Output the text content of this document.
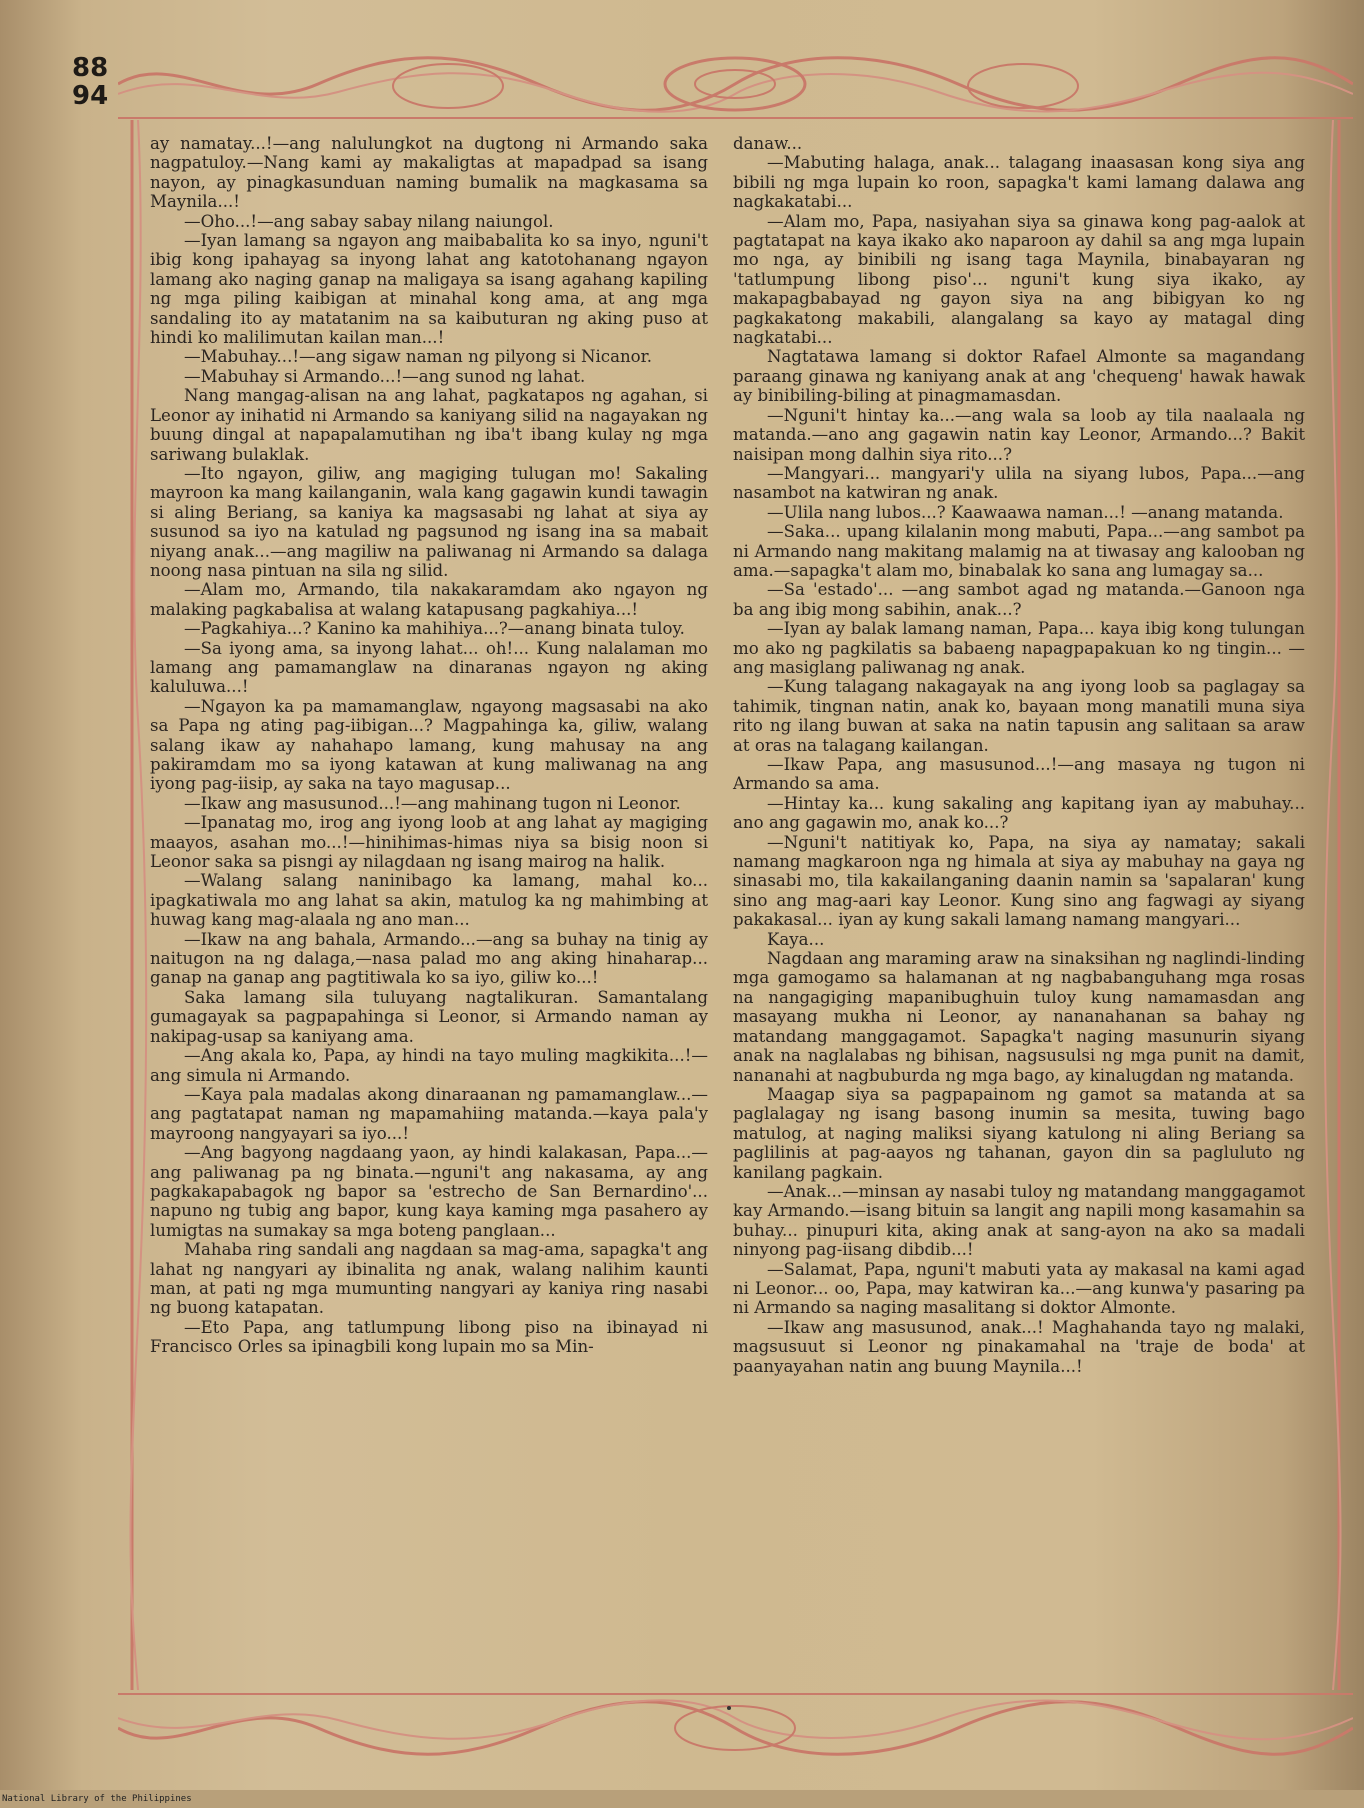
88
94

ay namatay...!—ang nalulungkot na dugtong ni Armando saka nagpatuloy.—Nang kami ay makaligtas at mapadpad sa isang nayon, ay pinagkasunduan naming bumalik na magkasama sa Maynila...!

—Oho...!—ang sabay sabay nilang naiungol.

—Iyan lamang sa ngayon ang maibabalita ko sa inyo, nguni't ibig kong ipahayag sa inyong lahat ang katotohanang ngayon lamang ako naging ganap na maligaya sa isang agahang kapiling ng mga piling kaibigan at minahal kong ama, at ang mga sandaling ito ay matatanim na sa kaibuturan ng aking puso at hindi ko malilimutan kailan man...!

—Mabuhay...!—ang sigaw naman ng pilyong si Nicanor.

—Mabuhay si Armando...!—ang sunod ng lahat.

Nang mangag-alisan na ang lahat, pagkatapos ng agahan, si Leonor ay inihatid ni Armando sa kaniyang silid na nagayakan ng buung dingal at napapalamutihan ng iba't ibang kulay ng mga sariwang bulaklak.

—Ito ngayon, giliw, ang magiging tulugan mo! Sakaling mayroon ka mang kailanganin, wala kang gagawin kundi tawagin si aling Beriang, sa kaniya ka magsasabi ng lahat at siya ay susunod sa iyo na katulad ng pagsunod ng isang ina sa mabait niyang anak...—ang magiliw na paliwanag ni Armando sa dalaga noong nasa pintuan na sila ng silid.

—Alam mo, Armando, tila nakakaramdam ako ngayon ng malaking pagkabalisa at walang katapusang pagkahiya...!

—Pagkahiya...? Kanino ka mahihiya...?—anang binata tuloy.

—Sa iyong ama, sa inyong lahat... oh!... Kung nalalaman mo lamang ang pamamanglaw na dinaranas ngayon ng aking kaluluwa...!

—Ngayon ka pa mamamanglaw, ngayong magsasabi na ako sa Papa ng ating pag-iibigan...? Magpahinga ka, giliw, walang salang ikaw ay nahahapo lamang, kung mahusay na ang pakiramdam mo sa iyong katawan at kung maliwanag na ang iyong pag-iisip, ay saka na tayo magusap...

—Ikaw ang masusunod...!—ang mahinang tugon ni Leonor.

—Ipanatag mo, irog ang iyong loob at ang lahat ay magiging maayos, asahan mo...!—hinihimas-himas niya sa bisig noon si Leonor saka sa pisngi ay nilagdaan ng isang mairog na halik.

—Walang salang naninibago ka lamang, mahal ko... ipagkatiwala mo ang lahat sa akin, matulog ka ng mahimbing at huwag kang mag-alaala ng ano man...

—Ikaw na ang bahala, Armando...—ang sa buhay na tinig ay naitugon na ng dalaga,—nasa palad mo ang aking hinaharap... ganap na ganap ang pagtitiwala ko sa iyo, giliw ko...!

Saka lamang sila tuluyang nagtalikuran. Samantalang gumagayak sa pagpapahinga si Leonor, si Armando naman ay nakipag-usap sa kaniyang ama.

—Ang akala ko, Papa, ay hindi na tayo muling magkikita...!—ang simula ni Armando.

—Kaya pala madalas akong dinaraanan ng pamamanglaw...—ang pagtatapat naman ng mapamahiing matanda.—kaya pala'y mayroong nangyayari sa iyo...!

—Ang bagyong nagdaang yaon, ay hindi kalakasan, Papa...—ang paliwanag pa ng binata.—nguni't ang nakasama, ay ang pagkakapabagok ng bapor sa 'estrecho de San Bernardino'... napuno ng tubig ang bapor, kung kaya kaming mga pasahero ay lumigtas na sumakay sa mga boteng panglaan...

Mahaba ring sandali ang nagdaan sa mag-ama, sapagka't ang lahat ng nangyari ay ibinalita ng anak, walang nalihim kaunti man, at pati ng mga mumunting nangyari ay kaniya ring nasabi ng buong katapatan.

—Eto Papa, ang tatlumpung libong piso na ibinayad ni Francisco Orles sa ipinagbili kong lupain mo sa Min-

danaw...

—Mabuting halaga, anak... talagang inaasasan kong siya ang bibili ng mga lupain ko roon, sapagka't kami lamang dalawa ang nagkakatabi...

—Alam mo, Papa, nasiyahan siya sa ginawa kong pag-aalok at pagtatapat na kaya ikako ako naparoon ay dahil sa ang mga lupain mo nga, ay binibili ng isang taga Maynila, binabayaran ng 'tatlumpung libong piso'... nguni't kung siya ikako, ay makapagbabayad ng gayon siya na ang bibigyan ko ng pagkakatong makabili, alangalang sa kayo ay matagal ding nagkatabi...

Nagtatawa lamang si doktor Rafael Almonte sa magandang paraang ginawa ng kaniyang anak at ang 'chequeng' hawak hawak ay binibiling-biling at pinagmamasdan.

—Nguni't hintay ka...—ang wala sa loob ay tila naalaala ng matanda.—ano ang gagawin natin kay Leonor, Armando...? Bakit naisipan mong dalhin siya rito...?

—Mangyari... mangyari'y ulila na siyang lubos, Papa...—ang nasambot na katwiran ng anak.

—Ulila nang lubos...? Kaawaawa naman...! —anang matanda.

—Saka... upang kilalanin mong mabuti, Papa...—ang sambot pa ni Armando nang makitang malamig na at tiwasay ang kalooban ng ama.—sapagka't alam mo, binabalak ko sana ang lumagay sa...

—Sa 'estado'... —ang sambot agad ng matanda.—Ganoon nga ba ang ibig mong sabihin, anak...?

—Iyan ay balak lamang naman, Papa... kaya ibig kong tulungan mo ako ng pagkilatis sa babaeng napagpapakuan ko ng tingin... —ang masiglang paliwanag ng anak.

—Kung talagang nakagayak na ang iyong loob sa paglagay sa tahimik, tingnan natin, anak ko, bayaan mong manatili muna siya rito ng ilang buwan at saka na natin tapusin ang salitaan sa araw at oras na talagang kailangan.

—Ikaw Papa, ang masusunod...!—ang masaya ng tugon ni Armando sa ama.

—Hintay ka... kung sakaling ang kapitang iyan ay mabuhay... ano ang gagawin mo, anak ko...?

—Nguni't natitiyak ko, Papa, na siya ay namatay; sakali namang magkaroon nga ng himala at siya ay mabuhay na gaya ng sinasabi mo, tila kakailanganing daanin namin sa 'sapalaran' kung sino ang mag-aari kay Leonor. Kung sino ang fagwagi ay siyang pakakasal... iyan ay kung sakali lamang namang mangyari...

Kaya...

Nagdaan ang maraming araw na sinaksihan ng naglindi-linding mga gamogamo sa halamanan at ng nagbabanguhang mga rosas na nangagiging mapanibughuin tuloy kung namamasdan ang masayang mukha ni Leonor, ay nananahanan sa bahay ng matandang manggagamot. Sapagka't naging masunurin siyang anak na naglalabas ng bihisan, nagsusulsi ng mga punit na damit, nananahi at nagbuburda ng mga bago, ay kinalugdan ng matanda.

Maagap siya sa pagpapainom ng gamot sa matanda at sa paglalagay ng isang basong inumin sa mesita, tuwing bago matulog, at naging maliksi siyang katulong ni aling Beriang sa paglilinis at pag-aayos ng tahanan, gayon din sa pagluluto ng kanilang pagkain.

—Anak...—minsan ay nasabi tuloy ng matandang manggagamot kay Armando.—isang bituin sa langit ang napili mong kasamahin sa buhay... pinupuri kita, aking anak at sang-ayon na ako sa madali ninyong pag-iisang dibdib...!

—Salamat, Papa, nguni't mabuti yata ay makasal na kami agad ni Leonor... oo, Papa, may katwiran ka...—ang kunwa'y pasaring pa ni Armando sa naging masalitang si doktor Almonte.

—Ikaw ang masusunod, anak...! Maghahanda tayo ng malaki, magsusuut si Leonor ng pinakamahal na 'traje de boda' at paanyayahan natin ang buung Maynila...!

National Library of the Philippines
